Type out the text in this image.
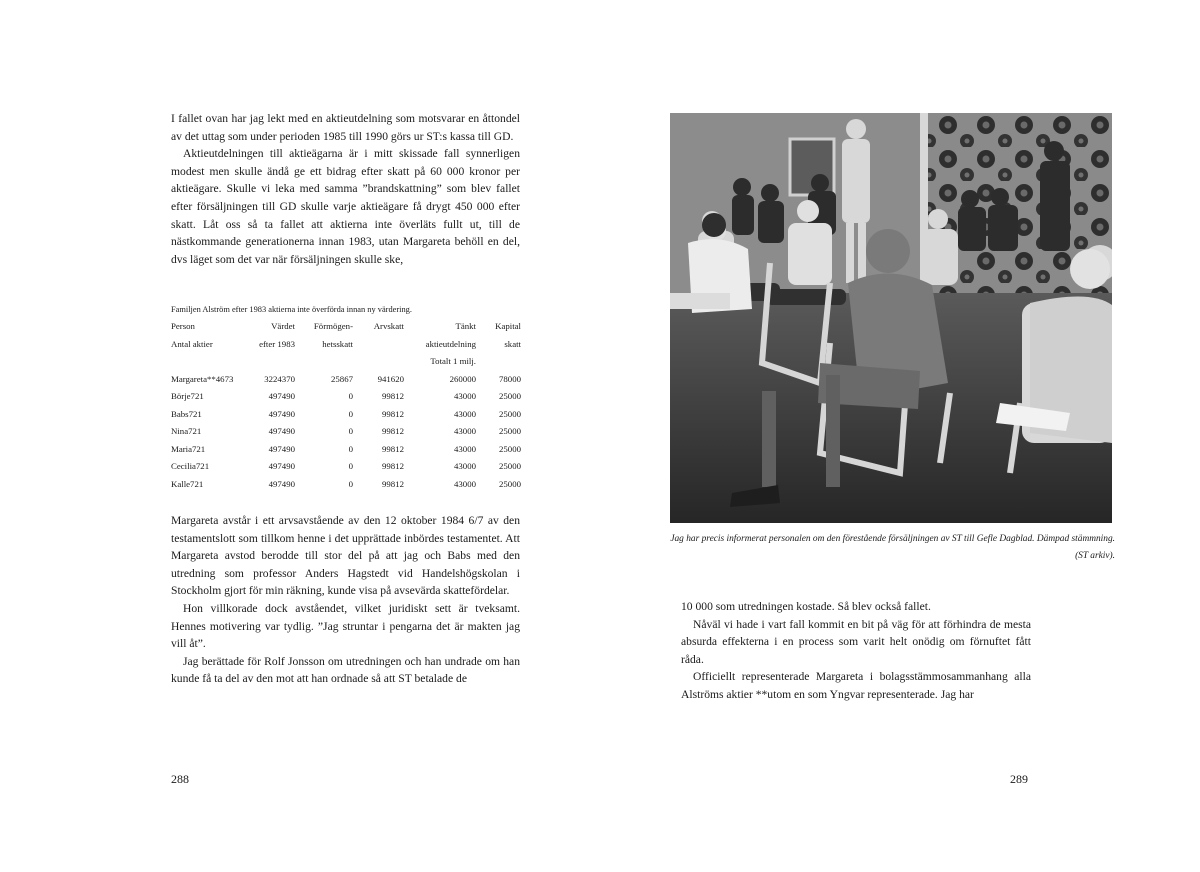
I fallet ovan har jag lekt med en aktieutdelning som motsvarar en åttondel av det uttag som under perioden 1985 till 1990 görs ur ST:s kassa till GD.

Aktieutdelningen till aktieägarna är i mitt skissade fall synnerligen modest men skulle ändå ge ett bidrag efter skatt på 60 000 kronor per aktieägare. Skulle vi leka med samma ”brandskattning” som blev fallet efter försäljningen till GD skulle varje aktieägare få drygt 450 000 efter skatt. Låt oss så ta fallet att aktierna inte överläts fullt ut, till de nästkommande generationerna innan 1983, utan Margareta behöll en del, dvs läget som det var när försäljningen skulle ske,

Familjen Alström efter 1983 aktierna inte överförda innan ny värdering.
Person	Värdet	Förmögen-	Arvskatt	Tänkt	Kapital
Antal aktier	efter 1983	hetsskatt		aktieutdelning	skatt
				Totalt 1 milj.	
Margareta**4673	3224370	25867	941620	260000	78000
Börje721	497490	0	99812	43000	25000
Babs721	497490	0	99812	43000	25000
Nina721	497490	0	99812	43000	25000
Maria721	497490	0	99812	43000	25000
Cecilia721	497490	0	99812	43000	25000
Kalle721	497490	0	99812	43000	25000

Margareta avstår i ett arvsavstående av den 12 oktober 1984 6/7 av den testamentslott som tillkom henne i det upprättade inbördes testamentet. Att Margareta avstod berodde till stor del på att jag och Babs med den utredning som professor Anders Hagstedt vid Handelshögskolan i Stockholm gjort för min räkning, kunde visa på avsevärda skattefördelar.

Hon villkorade dock avståendet, vilket juridiskt sett är tveksamt. Hennes motivering var tydlig. ”Jag struntar i pengarna det är makten jag vill åt”.

Jag berättade för Rolf Jonsson om utredningen och han undrade om han kunde få ta del av den mot att han ordnade så att ST betalade de

288
Jag har precis informerat personalen om den förestående försäljningen av ST till Gefle Dagblad. Dämpad stämmning. (ST arkiv).

10 000 som utredningen kostade. Så blev också fallet.

Nåväl vi hade i vart fall kommit en bit på väg för att förhindra de mesta absurda effekterna i en process som varit helt onödig om förnuftet fått råda.

Officiellt representerade Margareta i bolagsstämmosammanhang alla Alströms aktier **utom en som Yngvar representerade. Jag har

289
